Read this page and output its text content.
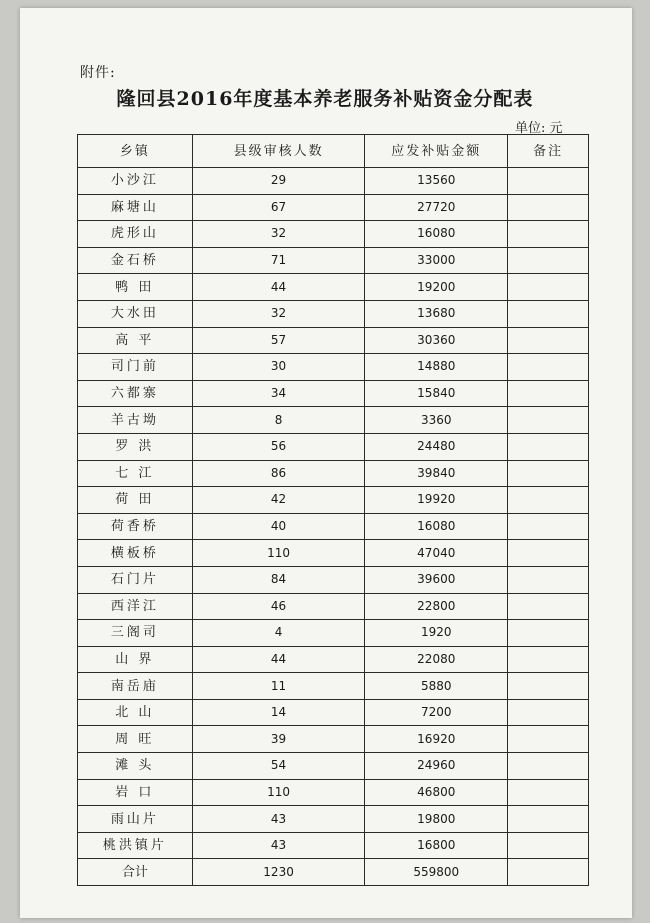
附件:
隆回县2016年度基本养老服务补贴资金分配表
单位: 元
乡镇	县级审核人数	应发补贴金额	备注
小沙江	29	13560	
麻塘山	67	27720	
虎形山	32	16080	
金石桥	71	33000	
鸭 田	44	19200	
大水田	32	13680	
高 平	57	30360	
司门前	30	14880	
六都寨	34	15840	
羊古坳	8	3360	
罗 洪	56	24480	
七 江	86	39840	
荷 田	42	19920	
荷香桥	40	16080	
横板桥	110	47040	
石门片	84	39600	
西洋江	46	22800	
三阁司	4	1920	
山 界	44	22080	
南岳庙	11	5880	
北 山	14	7200	
周 旺	39	16920	
滩 头	54	24960	
岩 口	110	46800	
雨山片	43	19800	
桃洪镇片	43	16800	
合计	1230	559800	
